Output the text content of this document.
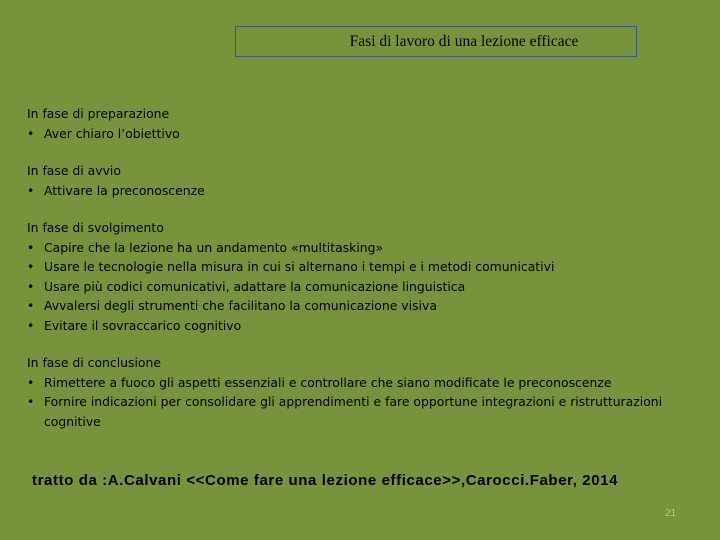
Fasi di lavoro di una lezione efficace
In fase di preparazione
• Aver chiaro l’obiettivo
In fase di avvio
• Attivare la preconoscenze
In fase di svolgimento
• Capire che la lezione ha un andamento «multitasking»
• Usare le tecnologie nella misura in cui si alternano i tempi e i metodi comunicativi
• Usare più codici comunicativi, adattare la comunicazione linguistica
• Avvalersi degli strumenti che facilitano la comunicazione visiva
• Evitare il sovraccarico cognitivo
In fase di conclusione
• Rimettere a fuoco gli aspetti essenziali e controllare che siano modificate le preconoscenze
• Fornire indicazioni per consolidare gli apprendimenti e fare opportune integrazioni e ristrutturazioni cognitive
tratto da :A.Calvani <<Come fare una lezione efficace>>,Carocci.Faber, 2014
21
